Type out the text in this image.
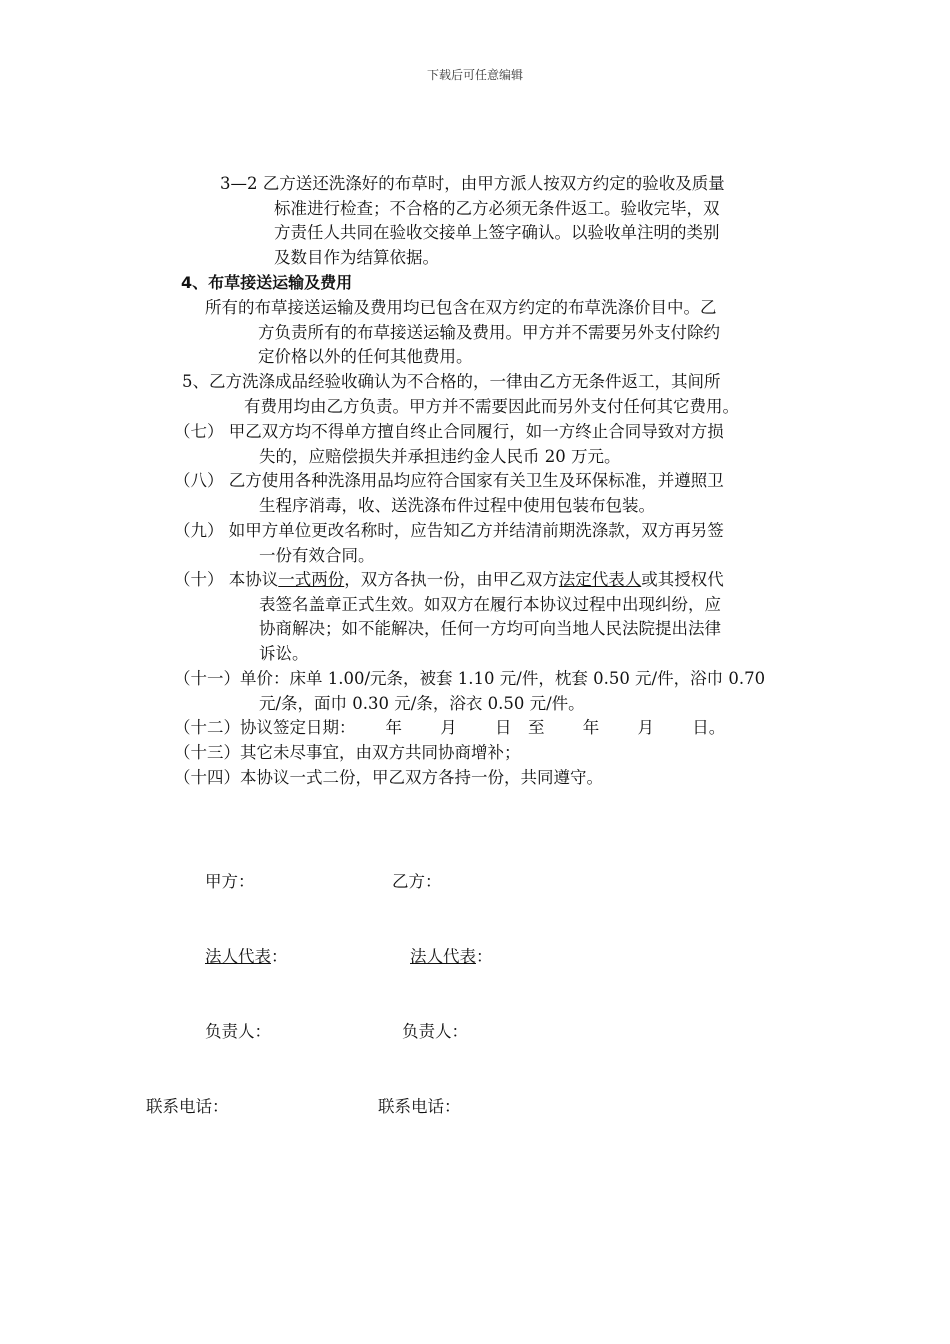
下载后可任意编辑
3—2 乙方送还洗涤好的布草时，由甲方派人按双方约定的验收及质量
标准进行检查；不合格的乙方必须无条件返工。验收完毕，双
方责任人共同在验收交接单上签字确认。以验收单注明的类别
及数目作为结算依据。
4、布草接送运输及费用
所有的布草接送运输及费用均已包含在双方约定的布草洗涤价目中。乙
方负责所有的布草接送运输及费用。甲方并不需要另外支付除约
定价格以外的任何其他费用。
5、乙方洗涤成品经验收确认为不合格的，一律由乙方无条件返工，其间所
有费用均由乙方负责。甲方并不需要因此而另外支付任何其它费用。
（七） 甲乙双方均不得单方擅自终止合同履行，如一方终止合同导致对方损
失的，应赔偿损失并承担违约金人民币 20 万元。
（八） 乙方使用各种洗涤用品均应符合国家有关卫生及环保标准，并遵照卫
生程序消毒，收、送洗涤布件过程中使用包装布包装。
（九） 如甲方单位更改名称时，应告知乙方并结清前期洗涤款，双方再另签
一份有效合同。
（十） 本协议一式两份，双方各执一份，由甲乙双方法定代表人或其授权代
表签名盖章正式生效。如双方在履行本协议过程中出现纠纷，应
协商解决；如不能解决，任何一方均可向当地人民法院提出法律
诉讼。
（十一）单价：床单 1.00/元条，被套 1.10 元/件，枕套 0.50 元/件，浴巾 0.70
元/条，面巾 0.30 元/条，浴衣 0.50 元/件。
（十二）协议签定日期：　　 年　　 月　　 日　至　　 年　　 月　　 日。
（十三）其它未尽事宜，由双方共同协商增补；
（十四）本协议一式二份，甲乙双方各持一份，共同遵守。
甲方：	乙方：
法人代表：	法人代表：
负责人：	负责人：
联系电话：	联系电话：
